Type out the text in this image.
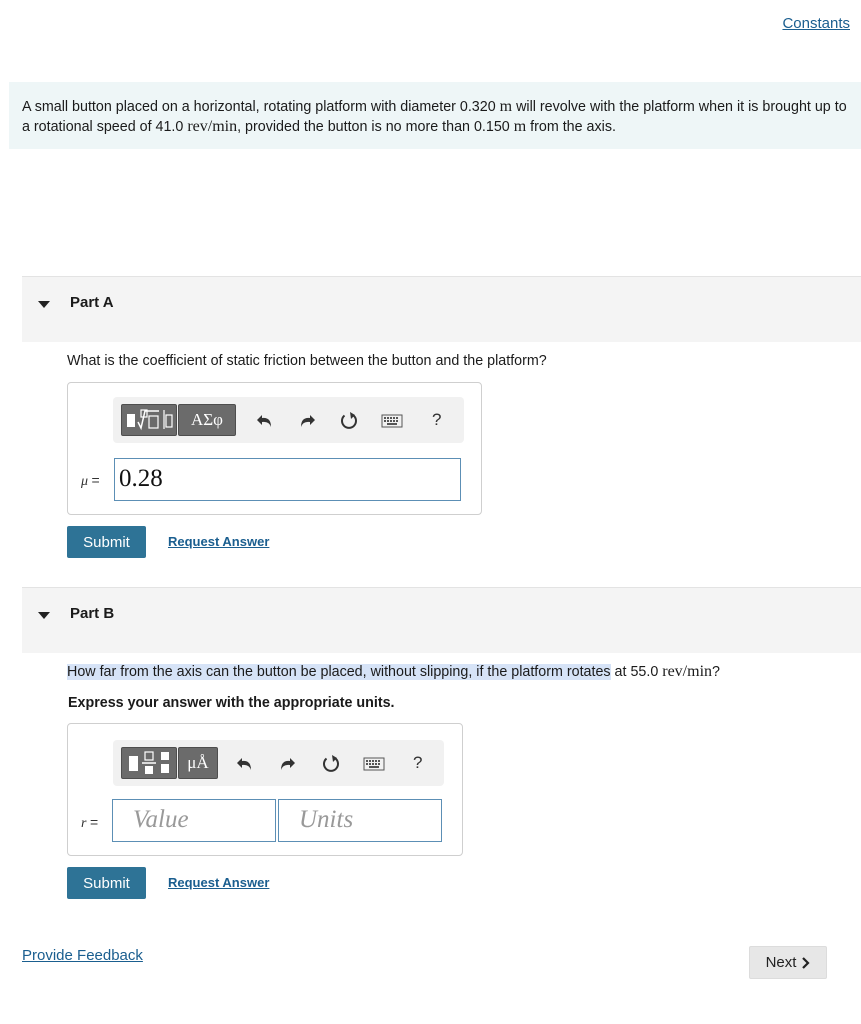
Constants
A small button placed on a horizontal, rotating platform with diameter 0.320 m will revolve with the platform when it is brought up to a rotational speed of 41.0 rev/min, provided the button is no more than 0.150 m from the axis.
Part A
What is the coefficient of static friction between the button and the platform?
ΑΣφ	?
μ = 0.28
Submit	Request Answer
Part B
How far from the axis can the button be placed, without slipping, if the platform rotates at 55.0 rev/min?
Express your answer with the appropriate units.
μÅ	?
r =	Value	Units
Submit	Request Answer
Provide Feedback	Next
